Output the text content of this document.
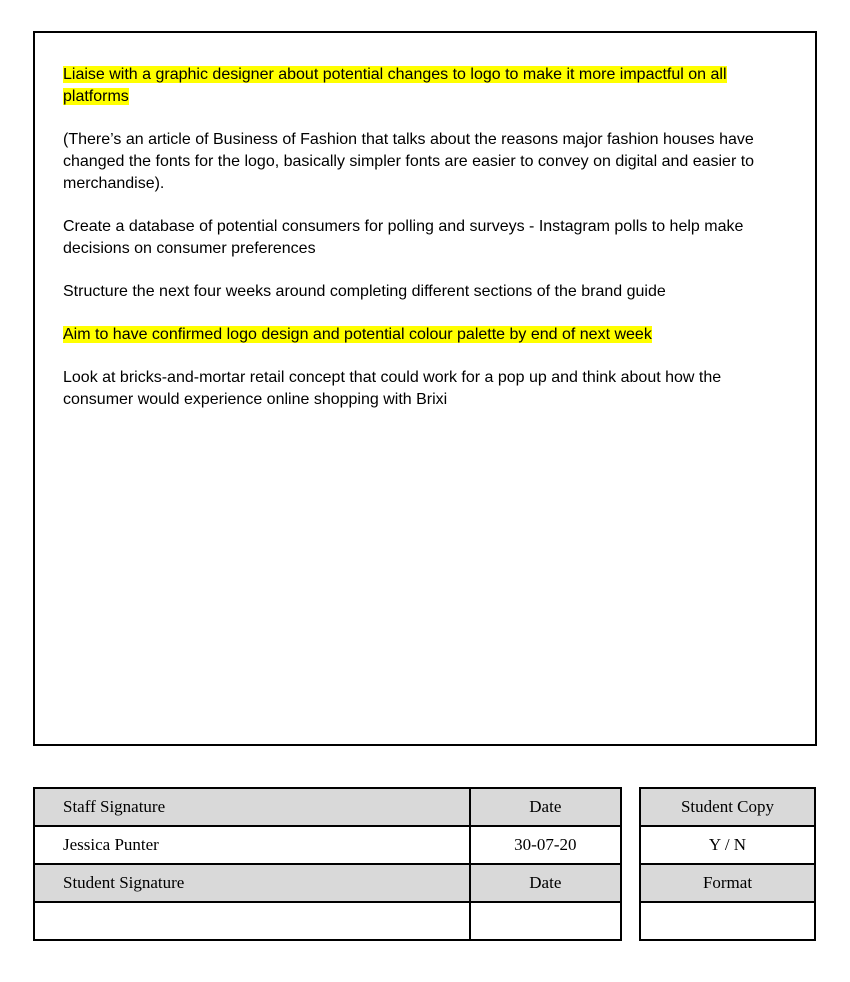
Liaise with a graphic designer about potential changes to logo to make it more impactful on all platforms

(There’s an article of Business of Fashion that talks about the reasons major fashion houses have changed the fonts for the logo, basically simpler fonts are easier to convey on digital and easier to merchandise).

Create a database of potential consumers for polling and surveys - Instagram polls to help make decisions on consumer preferences

Structure the next four weeks around completing different sections of the brand guide

Aim to have confirmed logo design and potential colour palette by end of next week

Look at bricks-and-mortar retail concept that could work for a pop up and think about how the consumer would experience online shopping with Brixi

Staff Signature	Date
Jessica Punter	30-07-20
Student Signature	Date

Student Copy
Y / N
Format
